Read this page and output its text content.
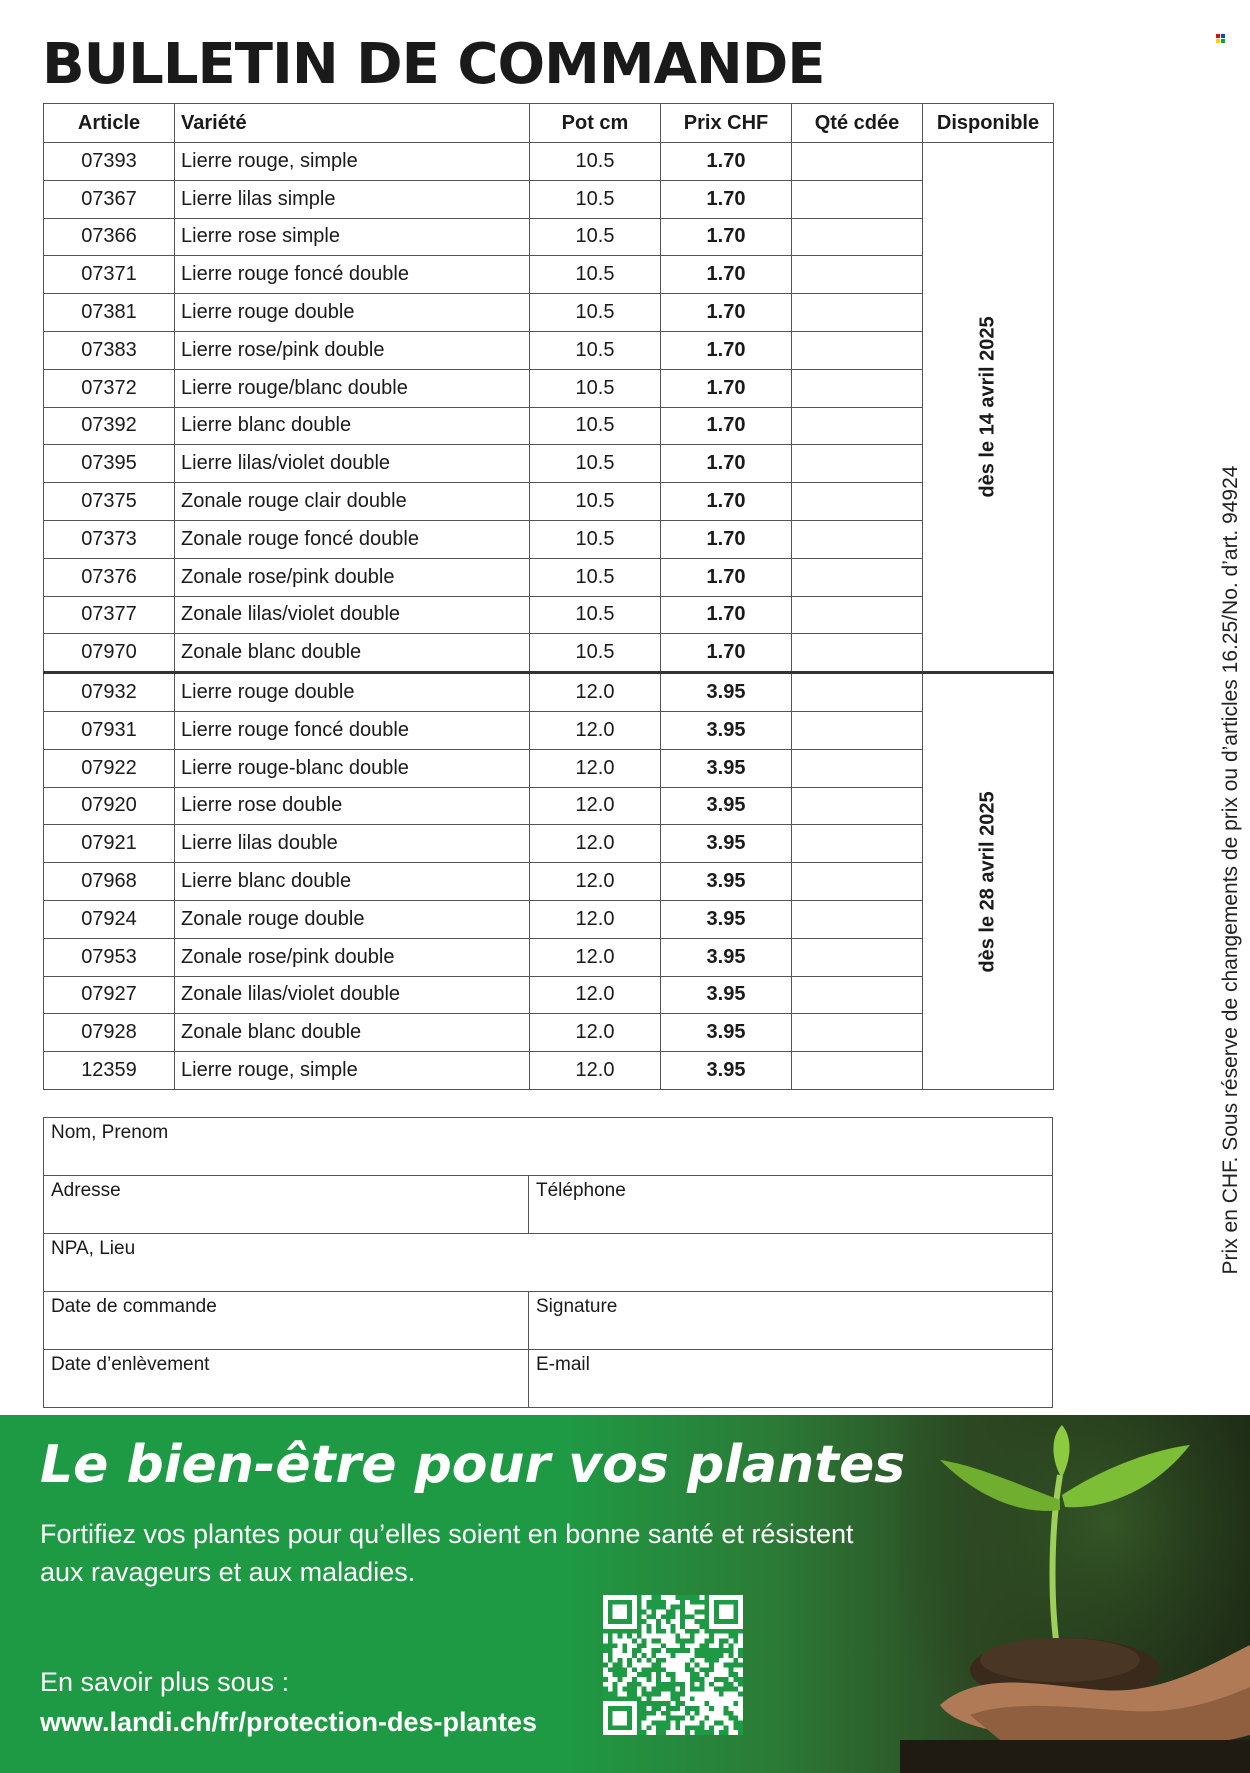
BULLETIN DE COMMANDE
Article	Variété	Pot cm	Prix CHF	Qté cdée	Disponible
07393	Lierre rouge, simple	10.5	1.70		dès le 14 avril 2025

07367	Lierre lilas simple	10.5	1.70		
07366	Lierre rose simple	10.5	1.70		
07371	Lierre rouge foncé double	10.5	1.70		
07381	Lierre rouge double	10.5	1.70		
07383	Lierre rose/pink double	10.5	1.70		
07372	Lierre rouge/blanc double	10.5	1.70		
07392	Lierre blanc double	10.5	1.70		
07395	Lierre lilas/violet double	10.5	1.70		
07375	Zonale rouge clair double	10.5	1.70		
07373	Zonale rouge foncé double	10.5	1.70		
07376	Zonale rose/pink double	10.5	1.70		
07377	Zonale lilas/violet double	10.5	1.70		
07970	Zonale blanc double	10.5	1.70		
07932	Lierre rouge double	12.0	3.95		dès le 28 avril 2025

07931	Lierre rouge foncé double	12.0	3.95		
07922	Lierre rouge-blanc double	12.0	3.95		
07920	Lierre rose double	12.0	3.95		
07921	Lierre lilas double	12.0	3.95		
07968	Lierre blanc double	12.0	3.95		
07924	Zonale rouge double	12.0	3.95		
07953	Zonale rose/pink double	12.0	3.95		
07927	Zonale lilas/violet double	12.0	3.95		
07928	Zonale blanc double	12.0	3.95		
12359	Lierre rouge, simple	12.0	3.95		
Nom, Prenom	
Adresse	Téléphone
NPA, Lieu	
Date de commande	Signature
Date d’enlèvement	E-mail
Prix en CHF. Sous réserve de changements de prix ou d’articles 16.25/No. d’art. 94924
Le bien-être pour vos plantes
Fortifiez vos plantes pour qu’elles soient en bonne santé et résistent aux ravageurs et aux maladies.
En savoir plus sous :
www.landi.ch/fr/protection-des-plantes
